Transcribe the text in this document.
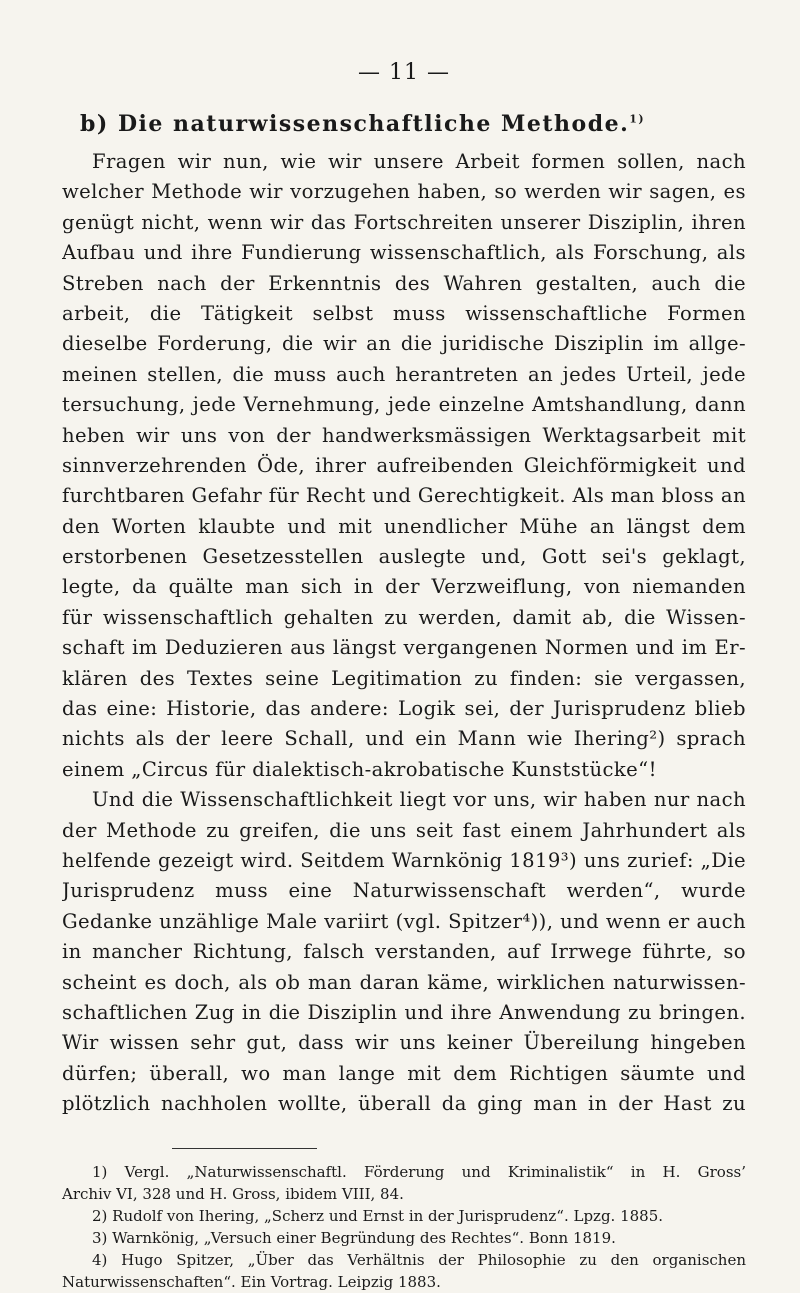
— 11 —
b) Die naturwissenschaftliche Methode.$^{1)}$
Fragen wir nun, wie wir unsere Arbeit formen sollen, nach
welcher Methode wir vorzugehen haben, so werden wir sagen, es
genügt nicht, wenn wir das Fortschreiten unserer Disziplin, ihren
Aufbau und ihre Fundierung wissenschaftlich, als Forschung, als
Streben nach der Erkenntnis des Wahren gestalten, auch die
arbeit, die Tätigkeit selbst muss wissenschaftliche Formen
dieselbe Forderung, die wir an die juridische Disziplin im allge-
meinen stellen, die muss auch herantreten an jedes Urteil, jede
tersuchung, jede Vernehmung, jede einzelne Amtshandlung, dann
heben wir uns von der handwerksmässigen Werktagsarbeit mit
sinnverzehrenden Öde, ihrer aufreibenden Gleichförmigkeit und
furchtbaren Gefahr für Recht und Gerechtigkeit. Als man bloss an
den Worten klaubte und mit unendlicher Mühe an längst dem
erstorbenen Gesetzesstellen auslegte und, Gott sei's geklagt,
legte, da quälte man sich in der Verzweiflung, von niemanden
für wissenschaftlich gehalten zu werden, damit ab, die Wissen-
schaft im Deduzieren aus längst vergangenen Normen und im Er-
klären des Textes seine Legitimation zu finden: sie vergassen,
das eine: Historie, das andere: Logik sei, der Jurisprudenz blieb
nichts als der leere Schall, und ein Mann wie Ihering²) sprach
einem „Circus für dialektisch-akrobatische Kunststücke“!
Und die Wissenschaftlichkeit liegt vor uns, wir haben nur nach
der Methode zu greifen, die uns seit fast einem Jahrhundert als
helfende gezeigt wird. Seitdem Warnkönig 1819³) uns zurief: „Die
Jurisprudenz muss eine Naturwissenschaft werden“, wurde
Gedanke unzählige Male variirt (vgl. Spitzer⁴)), und wenn er auch
in mancher Richtung, falsch verstanden, auf Irrwege führte, so
scheint es doch, als ob man daran käme, wirklichen naturwissen-
schaftlichen Zug in die Disziplin und ihre Anwendung zu bringen.
Wir wissen sehr gut, dass wir uns keiner Übereilung hingeben
dürfen; überall, wo man lange mit dem Richtigen säumte und
plötzlich nachholen wollte, überall da ging man in der Hast zu
1) Vergl. „Naturwissenschaftl. Förderung und Kriminalistik“ in H. Gross’
Archiv VI, 328 und H. Gross, ibidem VIII, 84.
2) Rudolf von Ihering, „Scherz und Ernst in der Jurisprudenz“. Lpzg. 1885.
3) Warnkönig, „Versuch einer Begründung des Rechtes“. Bonn 1819.
4) Hugo Spitzer, „Über das Verhältnis der Philosophie zu den organischen
Naturwissenschaften“. Ein Vortrag. Leipzig 1883.
